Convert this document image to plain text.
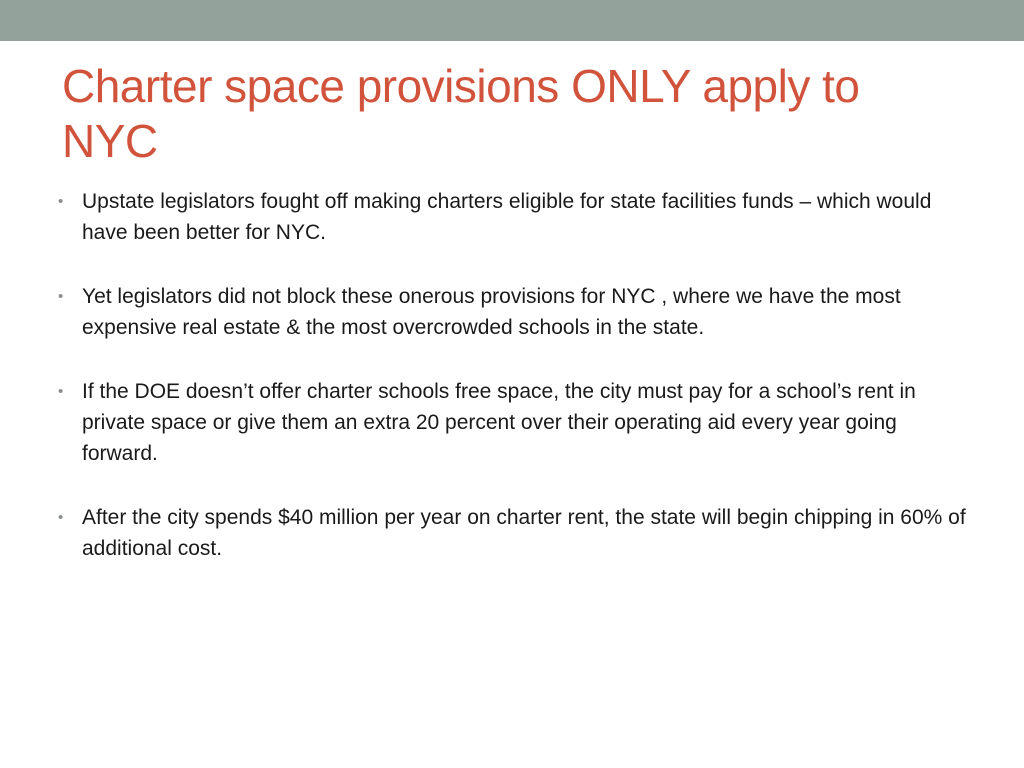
Charter space provisions ONLY apply to NYC
• Upstate legislators fought off making charters eligible for state facilities funds – which would have been better for NYC.
• Yet legislators did not block these onerous provisions for NYC , where we have the most expensive real estate & the most overcrowded schools in the state.
• If the DOE doesn’t offer charter schools free space, the city must pay for a school’s rent in private space or give them an extra 20 percent over their operating aid every year going forward.
• After the city spends $40 million per year on charter rent, the state will begin chipping in 60% of additional cost.
